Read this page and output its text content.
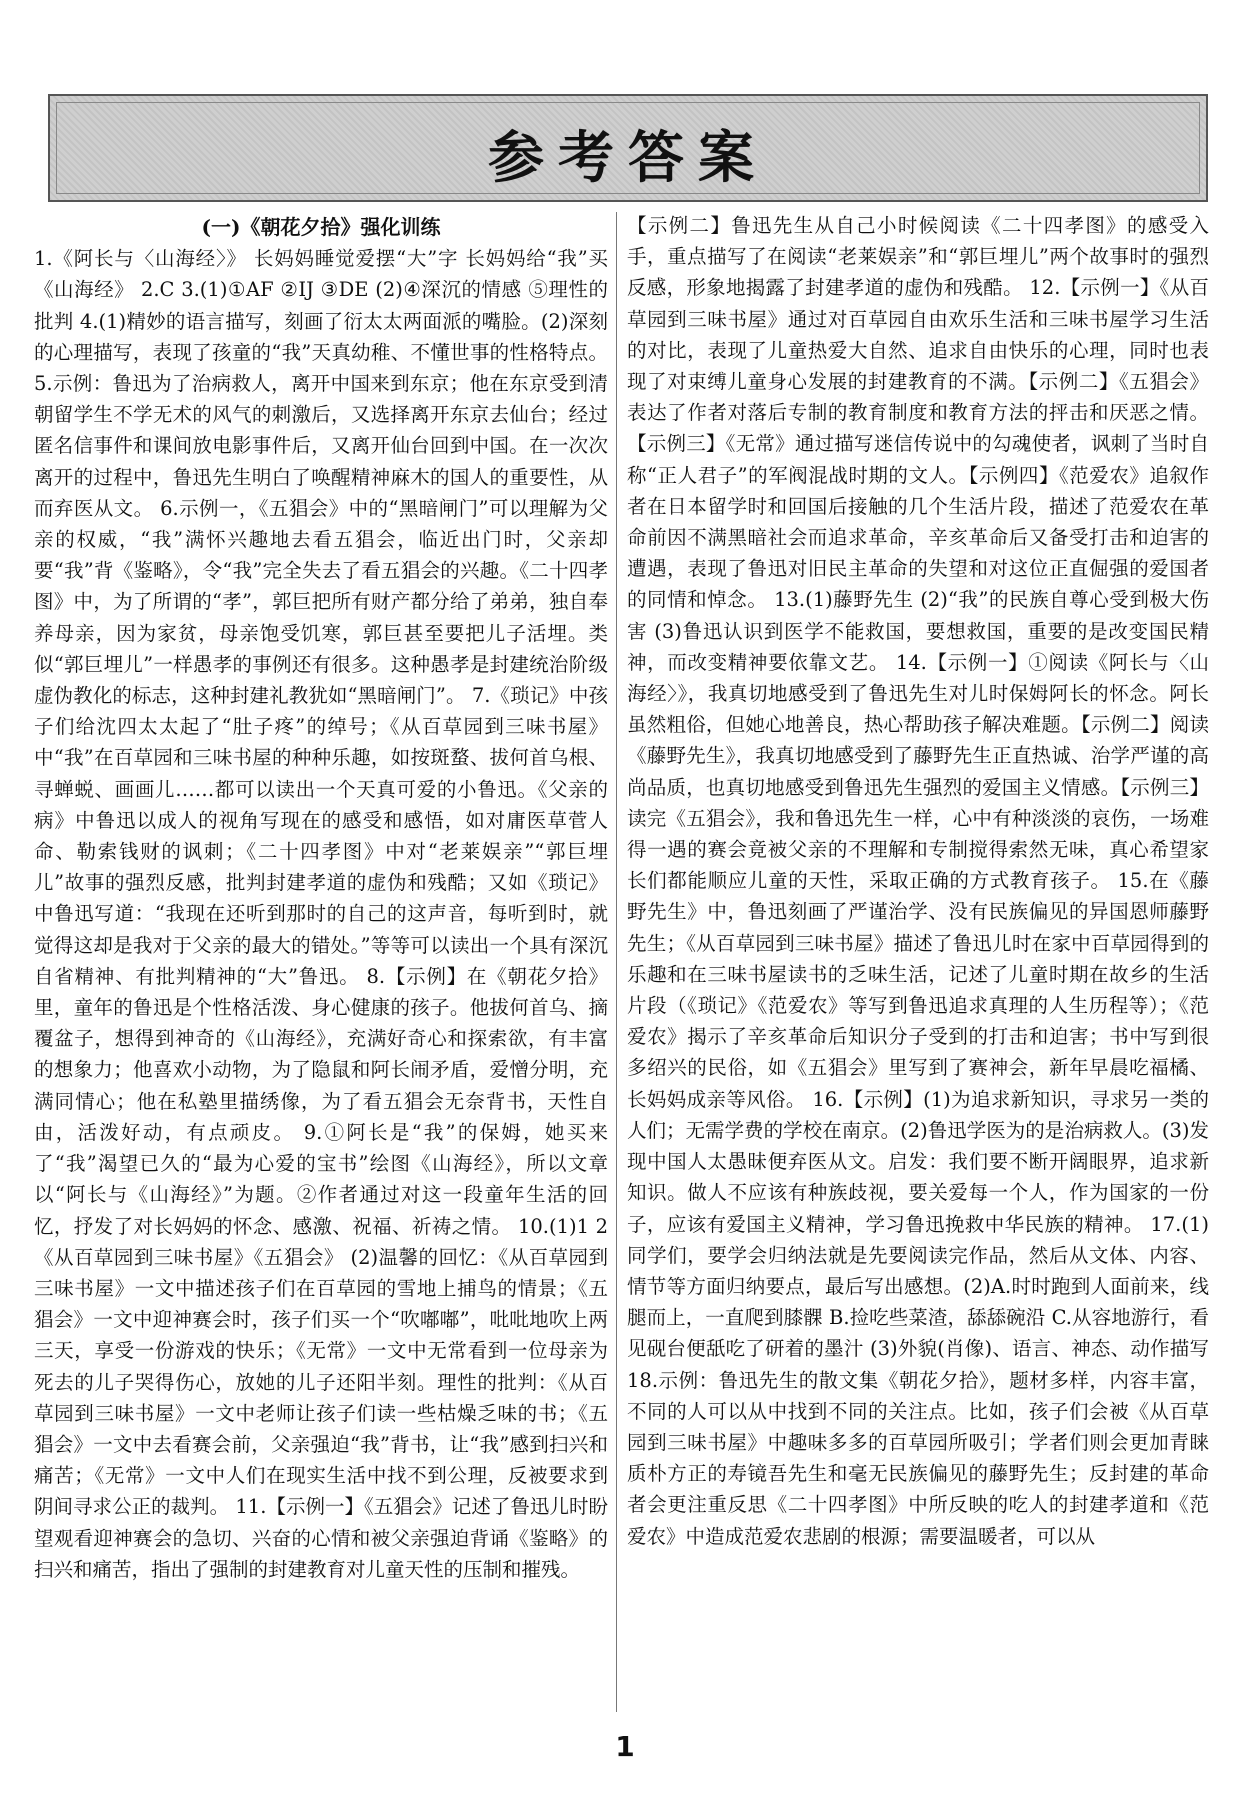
参考答案
(一)《朝花夕拾》强化训练

1.《阿长与〈山海经〉》 长妈妈睡觉爱摆“大”字 长妈妈给“我”买《山海经》 2.C 3.(1)①AF ②IJ ③DE (2)④深沉的情感 ⑤理性的批判 4.(1)精妙的语言描写，刻画了衍太太两面派的嘴脸。(2)深刻的心理描写，表现了孩童的“我”天真幼稚、不懂世事的性格特点。 5.示例：鲁迅为了治病救人，离开中国来到东京；他在东京受到清朝留学生不学无术的风气的刺激后，又选择离开东京去仙台；经过匿名信事件和课间放电影事件后，又离开仙台回到中国。在一次次离开的过程中，鲁迅先生明白了唤醒精神麻木的国人的重要性，从而弃医从文。 6.示例一，《五猖会》中的“黑暗闸门”可以理解为父亲的权威，“我”满怀兴趣地去看五猖会，临近出门时，父亲却要“我”背《鉴略》，令“我”完全失去了看五猖会的兴趣。《二十四孝图》中，为了所谓的“孝”，郭巨把所有财产都分给了弟弟，独自奉养母亲，因为家贫，母亲饱受饥寒，郭巨甚至要把儿子活埋。类似“郭巨埋儿”一样愚孝的事例还有很多。这种愚孝是封建统治阶级虚伪教化的标志，这种封建礼教犹如“黑暗闸门”。 7.《琐记》中孩子们给沈四太太起了“肚子疼”的绰号；《从百草园到三味书屋》中“我”在百草园和三味书屋的种种乐趣，如按斑蝥、拔何首乌根、寻蝉蜕、画画儿……都可以读出一个天真可爱的小鲁迅。《父亲的病》中鲁迅以成人的视角写现在的感受和感悟，如对庸医草菅人命、勒索钱财的讽刺；《二十四孝图》中对“老莱娱亲”“郭巨埋儿”故事的强烈反感，批判封建孝道的虚伪和残酷；又如《琐记》中鲁迅写道：“我现在还听到那时的自己的这声音，每听到时，就觉得这却是我对于父亲的最大的错处。”等等可以读出一个具有深沉自省精神、有批判精神的“大”鲁迅。 8.【示例】在《朝花夕拾》里，童年的鲁迅是个性格活泼、身心健康的孩子。他拔何首乌、摘覆盆子，想得到神奇的《山海经》，充满好奇心和探索欲，有丰富的想象力；他喜欢小动物，为了隐鼠和阿长闹矛盾，爱憎分明，充满同情心；他在私塾里描绣像，为了看五猖会无奈背书，天性自由，活泼好动，有点顽皮。 9.①阿长是“我”的保姆，她买来了“我”渴望已久的“最为心爱的宝书”绘图《山海经》，所以文章以“阿长与《山海经》”为题。②作者通过对这一段童年生活的回忆，抒发了对长妈妈的怀念、感激、祝福、祈祷之情。 10.(1)1 2 《从百草园到三味书屋》《五猖会》 (2)温馨的回忆：《从百草园到三味书屋》一文中描述孩子们在百草园的雪地上捕鸟的情景；《五猖会》一文中迎神赛会时，孩子们买一个“吹嘟嘟”，吡吡地吹上两三天，享受一份游戏的快乐；《无常》一文中无常看到一位母亲为死去的儿子哭得伤心，放她的儿子还阳半刻。理性的批判：《从百草园到三味书屋》一文中老师让孩子们读一些枯燥乏味的书；《五猖会》一文中去看赛会前，父亲强迫“我”背书，让“我”感到扫兴和痛苦；《无常》一文中人们在现实生活中找不到公理，反被要求到阴间寻求公正的裁判。 11.【示例一】《五猖会》记述了鲁迅儿时盼望观看迎神赛会的急切、兴奋的心情和被父亲强迫背诵《鉴略》的扫兴和痛苦，指出了强制的封建教育对儿童天性的压制和摧残。

【示例二】鲁迅先生从自己小时候阅读《二十四孝图》的感受入手，重点描写了在阅读“老莱娱亲”和“郭巨埋儿”两个故事时的强烈反感，形象地揭露了封建孝道的虚伪和残酷。 12.【示例一】《从百草园到三味书屋》通过对百草园自由欢乐生活和三味书屋学习生活的对比，表现了儿童热爱大自然、追求自由快乐的心理，同时也表现了对束缚儿童身心发展的封建教育的不满。【示例二】《五猖会》表达了作者对落后专制的教育制度和教育方法的抨击和厌恶之情。【示例三】《无常》通过描写迷信传说中的勾魂使者，讽刺了当时自称“正人君子”的军阀混战时期的文人。【示例四】《范爱农》追叙作者在日本留学时和回国后接触的几个生活片段，描述了范爱农在革命前因不满黑暗社会而追求革命，辛亥革命后又备受打击和迫害的遭遇，表现了鲁迅对旧民主革命的失望和对这位正直倔强的爱国者的同情和悼念。 13.(1)藤野先生 (2)“我”的民族自尊心受到极大伤害 (3)鲁迅认识到医学不能救国，要想救国，重要的是改变国民精神，而改变精神要依靠文艺。 14.【示例一】①阅读《阿长与〈山海经〉》，我真切地感受到了鲁迅先生对儿时保姆阿长的怀念。阿长虽然粗俗，但她心地善良，热心帮助孩子解决难题。【示例二】阅读《藤野先生》，我真切地感受到了藤野先生正直热诚、治学严谨的高尚品质，也真切地感受到鲁迅先生强烈的爱国主义情感。【示例三】读完《五猖会》，我和鲁迅先生一样，心中有种淡淡的哀伤，一场难得一遇的赛会竟被父亲的不理解和专制搅得索然无味，真心希望家长们都能顺应儿童的天性，采取正确的方式教育孩子。 15.在《藤野先生》中，鲁迅刻画了严谨治学、没有民族偏见的异国恩师藤野先生；《从百草园到三味书屋》描述了鲁迅儿时在家中百草园得到的乐趣和在三味书屋读书的乏味生活，记述了儿童时期在故乡的生活片段（《琐记》《范爱农》等写到鲁迅追求真理的人生历程等）；《范爱农》揭示了辛亥革命后知识分子受到的打击和迫害；书中写到很多绍兴的民俗，如《五猖会》里写到了赛神会，新年早晨吃福橘、长妈妈成亲等风俗。 16.【示例】(1)为追求新知识，寻求另一类的人们；无需学费的学校在南京。(2)鲁迅学医为的是治病救人。(3)发现中国人太愚昧便弃医从文。启发：我们要不断开阔眼界，追求新知识。做人不应该有种族歧视，要关爱每一个人，作为国家的一份子，应该有爱国主义精神，学习鲁迅挽救中华民族的精神。 17.(1)同学们，要学会归纳法就是先要阅读完作品，然后从文体、内容、情节等方面归纳要点，最后写出感想。(2)A.时时跑到人面前来，线腿而上，一直爬到膝髁 B.捡吃些菜渣，舔舔碗沿 C.从容地游行，看见砚台便舐吃了研着的墨汁 (3)外貌(肖像)、语言、神态、动作描写 18.示例：鲁迅先生的散文集《朝花夕拾》，题材多样，内容丰富，不同的人可以从中找到不同的关注点。比如，孩子们会被《从百草园到三味书屋》中趣味多多的百草园所吸引；学者们则会更加青睐质朴方正的寿镜吾先生和毫无民族偏见的藤野先生；反封建的革命者会更注重反思《二十四孝图》中所反映的吃人的封建孝道和《范爱农》中造成范爱农悲剧的根源；需要温暖者，可以从

1
